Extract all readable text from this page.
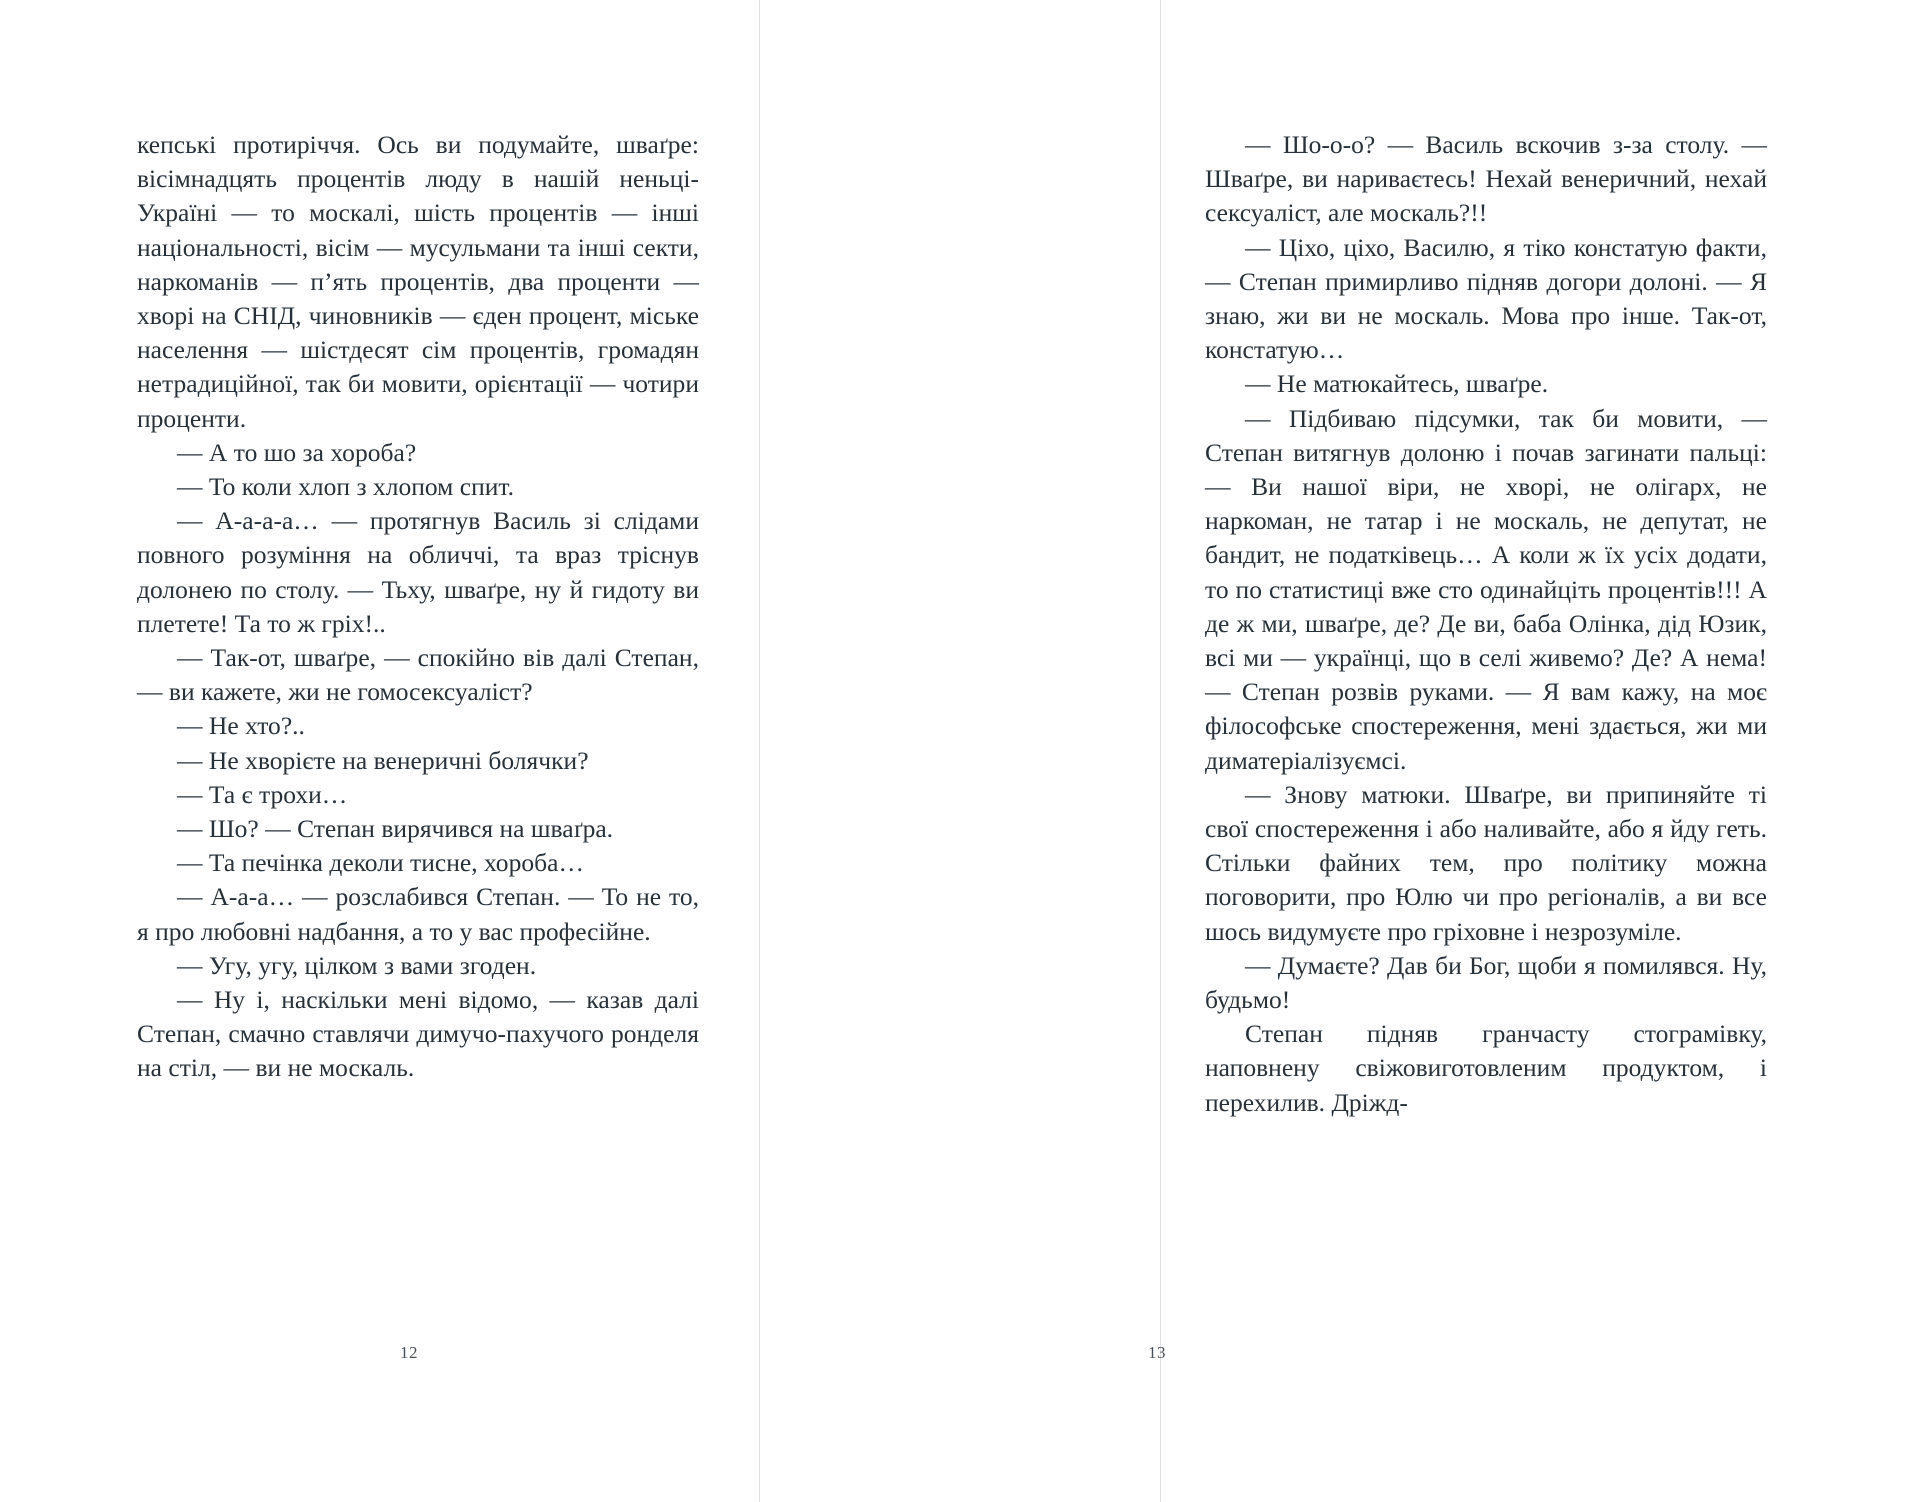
кепські протиріччя. Ось ви подумайте, шваґре: вісімнадцять процентів люду в нашій неньці-Україні — то москалі, шість процентів — інші національності, вісім — мусульмани та інші секти, наркоманів — п’ять процентів, два проценти — хворі на СНІД, чиновників — єден процент, міське населення — шістдесят сім процентів, громадян нетрадиційної, так би мовити, орієнтації — чотири проценти.

— А то шо за хороба?

— То коли хлоп з хлопом спит.

— А-а-а-а… — протягнув Василь зі слідами повного розуміння на обличчі, та враз тріснув долонею по столу. — Тьху, шваґре, ну й гидоту ви плетете! Та то ж гріх!..

— Так-от, шваґре, — спокійно вів далі Степан, — ви кажете, жи не гомосексуаліст?

— Не хто?..

— Не хворієте на венеричні болячки?

— Та є трохи…

— Шо? — Степан вирячився на шваґра.

— Та печінка деколи тисне, хороба…

— А-а-а… — розслабився Степан. — То не то, я про любовні надбання, а то у вас професійне.

— Угу, угу, цілком з вами згоден.

— Ну і, наскільки мені відомо, — казав далі Степан, смачно ставлячи димучо-пахучого ронделя на стіл, — ви не москаль.

— Шо-о-о? — Василь вскочив з-за столу. — Шваґре, ви нариваєтесь! Нехай венеричний, нехай сексуаліст, але москаль?!!

— Ціхо, ціхо, Василю, я тіко констатую факти, — Степан примирливо підняв догори долоні. — Я знаю, жи ви не москаль. Мова про інше. Так-от, констатую…

— Не матюкайтесь, шваґре.

— Підбиваю підсумки, так би мовити, — Степан витягнув долоню і почав загинати пальці: — Ви нашої віри, не хворі, не олігарх, не наркоман, не татар і не москаль, не депутат, не бандит, не податківець… А коли ж їх усіх додати, то по статистиці вже сто одинайціть процентів!!! А де ж ми, шваґре, де? Де ви, баба Олінка, дід Юзик, всі ми — українці, що в селі живемо? Де? А нема! — Степан розвів руками. — Я вам кажу, на моє філософське спостереження, мені здається, жи ми диматеріалізуємсі.

— Знову матюки. Шваґре, ви припиняйте ті свої спостереження і або наливайте, або я йду геть. Стільки файних тем, про політику можна поговорити, про Юлю чи про регіоналів, а ви все шось видумуєте про гріховне і незрозуміле.

— Думаєте? Дав би Бог, щоби я помилявся. Ну, будьмо!

Степан підняв гранчасту стограмівку, наповнену свіжовиготовленим продуктом, і перехилив. Дріжд-

12	13
